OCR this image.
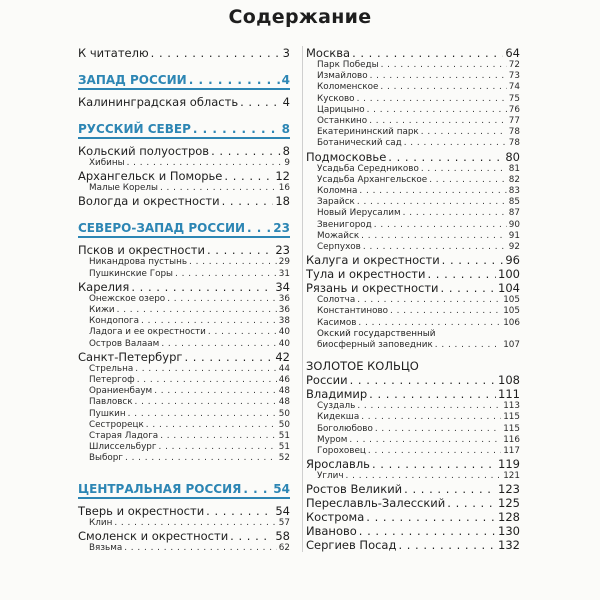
Содержание
К читателю . . .	3
ЗАПАД РОССИИ . . .	4
Калининградская область . . .	4
РУССКИЙ СЕВЕР . . .	8
Кольский полуостров . . .	8
Хибины . . .	9
Архангельск и Поморье . . .	12
Малые Корелы . . .	16
Вологда и окрестности . . .	18
СЕВЕРО-ЗАПАД РОССИИ . . . 23
Псков и окрестности . . .	23
Никандрова пустынь . . .	29
Пушкинские Горы . . .	31
Карелия . . .	34
Онежское озеро . . .	36
Кижи . . .	36
Кондопога . . .	38
Ладога и ее окрестности . . .	40
Остров Валаам . . .	40
Санкт-Петербург . . .	42
Стрельна . . .	44
Петергоф . . .	46
Ораниенбаум . . .	48
Павловск . . .	48
Пушкин . . .	50
Сестрорецк . . .	50
Старая Ладога . . .	51
Шлиссельбург . . .	51
Выборг . . .	52
ЦЕНТРАЛЬНАЯ РОССИЯ . . .	54
Тверь и окрестности . . .	54
Клин . . .	57
Смоленск и окрестности . . .	58
Вязьма . . .	62
Москва . . .	64
Парк Победы . . .	72
Измайлово . . .	73
Коломенское . . .	74
Кусково . . .	75
Царицыно . . .	76
Останкино . . .	77
Екатерининский парк . . .	78
Ботанический сад . . .	78
Подмосковье . . .	80
Усадьба Середниково . . .	81
Усадьба Архангельское . . .	82
Коломна . . .	83
Зарайск . . .	85
Новый Иерусалим . . .	87
Звенигород . . .	90
Можайск . . .	91
Серпухов . . .	92
Калуга и окрестности . . .	96
Тула и окрестности . . .	100
Рязань и окрестности . . .	104
Солотча . . .	105
Константиново . . .	105
Касимов . . .	106
Окский государственный
биосферный заповедник . . .	107
ЗОЛОТОЕ КОЛЬЦО
России . . .	108
Владимир . . .	111
Суздаль . . .	113
Кидекша . . .	115
Боголюбово . . .	115
Муром . . .	116
Гороховец . . .	117
Ярославль . . .	119
Углич . . .	121
Ростов Великий . . .	123
Переславль-Залесский . . .	125
Кострома . . .	128
Иваново . . .	130
Сергиев Посад . . .	132
